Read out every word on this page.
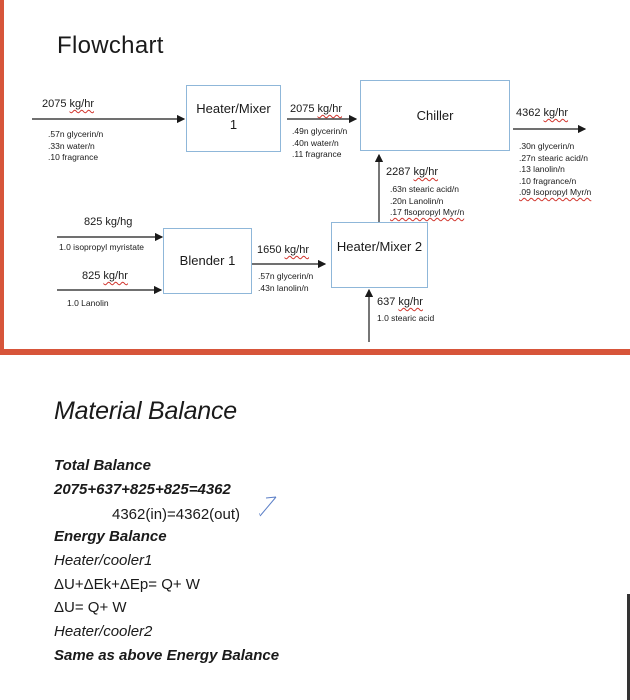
Flowchart
Heater/Mixer 1
Chiller
Blender 1
Heater/Mixer 2
2075 kg/hr
.57n glycerin/n
.33n water/n
.10 fragrance
2075 kg/hr
.49n glycerin/n
.40n water/n
.11 fragrance
4362 kg/hr
.30n glycerin/n
.27n stearic acid/n
.13 lanolin/n
.10 fragrance/n
.09 Isopropyl Myr/n
2287 kg/hr
.63n stearic acid/n
.20n Lanolin/n
.17 flsopropyl Myr/n
825 kg/hg
1.0 isopropyl myristate
825 kg/hr
1.0 Lanolin
1650 kg/hr
.57n glycerin/n
.43n lanolin/n
637 kg/hr
1.0 stearic acid
Material Balance
Total Balance
2075+637+825+825=4362
4362(in)=4362(out)
Energy Balance
Heater/cooler1
ΔU+ΔEk+ΔEp= Q+ W
ΔU= Q+ W
Heater/cooler2
Same as above Energy Balance
